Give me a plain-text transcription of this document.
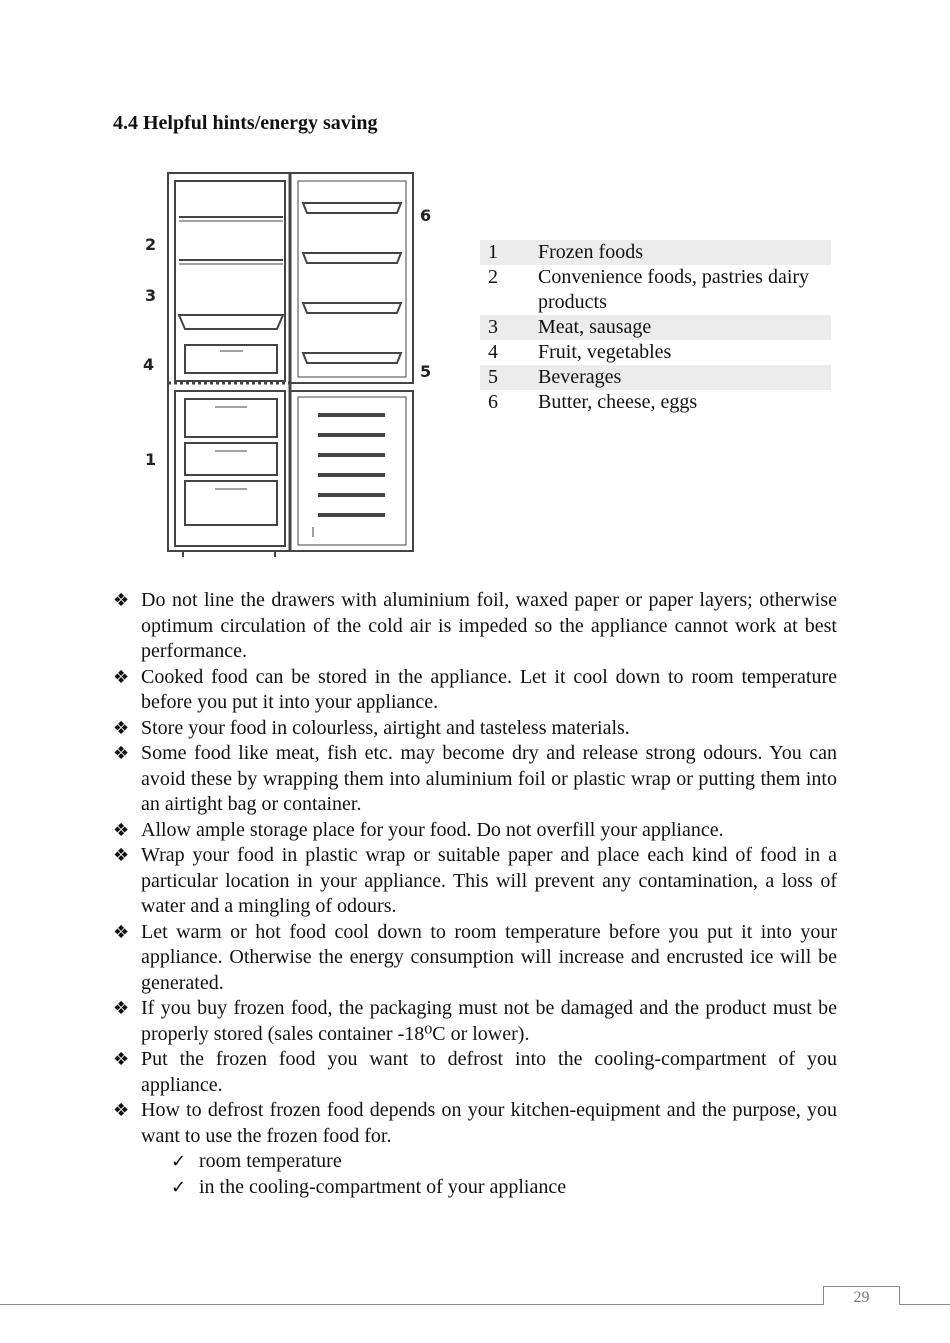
4.4 Helpful hints/energy saving
1
2
3
4	5
6
1	Frozen foods
2	Convenience foods, pastries dairy products
3	Meat, sausage
4	Fruit, vegetables
5	Beverages
6	Butter, cheese, eggs
❖ Do not line the drawers with aluminium foil, waxed paper or paper layers; otherwise optimum circulation of the cold air is impeded so the appliance cannot work at best performance.
❖ Cooked food can be stored in the appliance. Let it cool down to room temperature before you put it into your appliance.
❖ Store your food in colourless, airtight and tasteless materials.
❖ Some food like meat, fish etc. may become dry and release strong odours. You can avoid these by wrapping them into aluminium foil or plastic wrap or putting them into an airtight bag or container.
❖ Allow ample storage place for your food. Do not overfill your appliance.
❖ Wrap your food in plastic wrap or suitable paper and place each kind of food in a particular location in your appliance. This will prevent any contamination, a loss of water and a mingling of odours.
❖ Let warm or hot food cool down to room temperature before you put it into your appliance. Otherwise the energy consumption will increase and encrusted ice will be generated.
❖ If you buy frozen food, the packaging must not be damaged and the product must be properly stored (sales container -18⁰C or lower).
❖ Put the frozen food you want to defrost into the cooling-compartment of you appliance.
❖ How to defrost frozen food depends on your kitchen-equipment and the purpose, you want to use the frozen food for.
✓ room temperature
✓ in the cooling-compartment of your appliance
29
